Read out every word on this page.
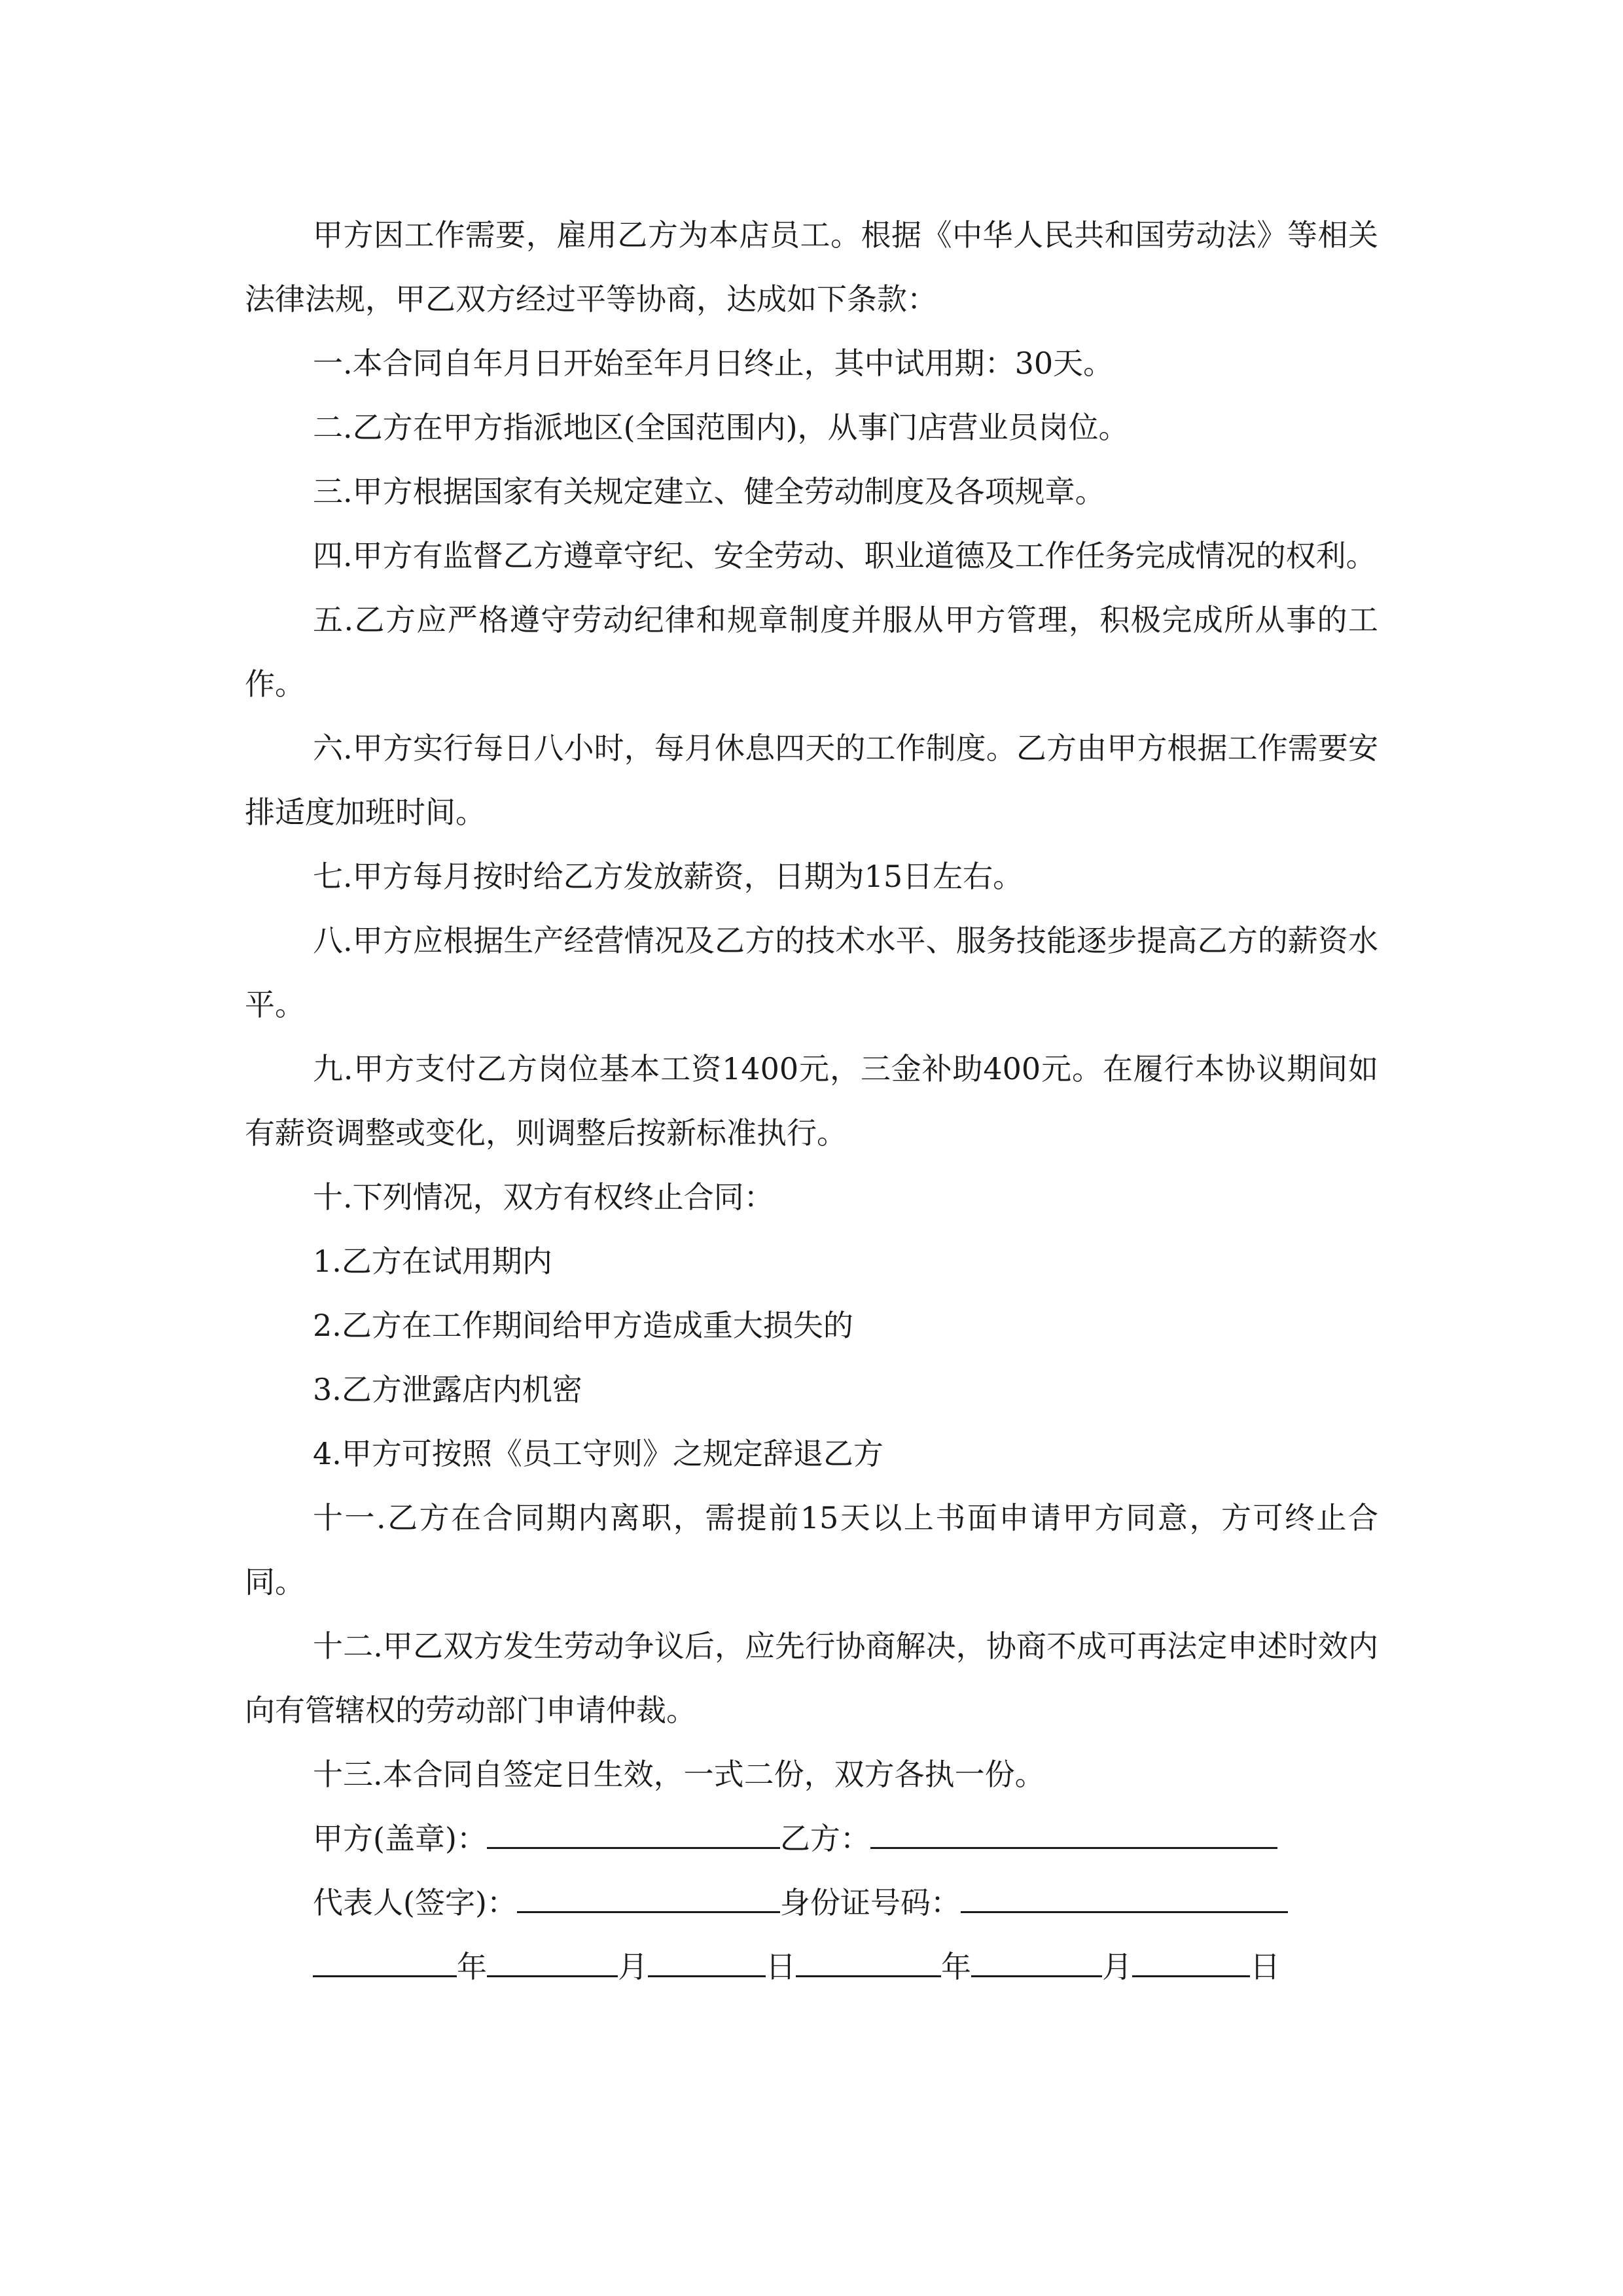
甲方因工作需要，雇用乙方为本店员工。根据《中华人民共和国劳动法》等相关法律法规，甲乙双方经过平等协商，达成如下条款：

一.本合同自年月日开始至年月日终止，其中试用期：30天。

二.乙方在甲方指派地区(全国范围内)，从事门店营业员岗位。

三.甲方根据国家有关规定建立、健全劳动制度及各项规章。

四.甲方有监督乙方遵章守纪、安全劳动、职业道德及工作任务完成情况的权利。

五.乙方应严格遵守劳动纪律和规章制度并服从甲方管理，积极完成所从事的工作。

六.甲方实行每日八小时，每月休息四天的工作制度。乙方由甲方根据工作需要安排适度加班时间。

七.甲方每月按时给乙方发放薪资，日期为15日左右。

八.甲方应根据生产经营情况及乙方的技术水平、服务技能逐步提高乙方的薪资水平。

九.甲方支付乙方岗位基本工资1400元，三金补助400元。在履行本协议期间如有薪资调整或变化，则调整后按新标准执行。

十.下列情况，双方有权终止合同：

1.乙方在试用期内

2.乙方在工作期间给甲方造成重大损失的

3.乙方泄露店内机密

4.甲方可按照《员工守则》之规定辞退乙方

十一.乙方在合同期内离职，需提前15天以上书面申请甲方同意，方可终止合同。

十二.甲乙双方发生劳动争议后，应先行协商解决，协商不成可再法定申述时效内向有管辖权的劳动部门申请仲裁。

十三.本合同自签定日生效，一式二份，双方各执一份。

甲方(盖章)：	乙方：
代表人(签字)：	身份证号码：
年	月	日	年	月	日
